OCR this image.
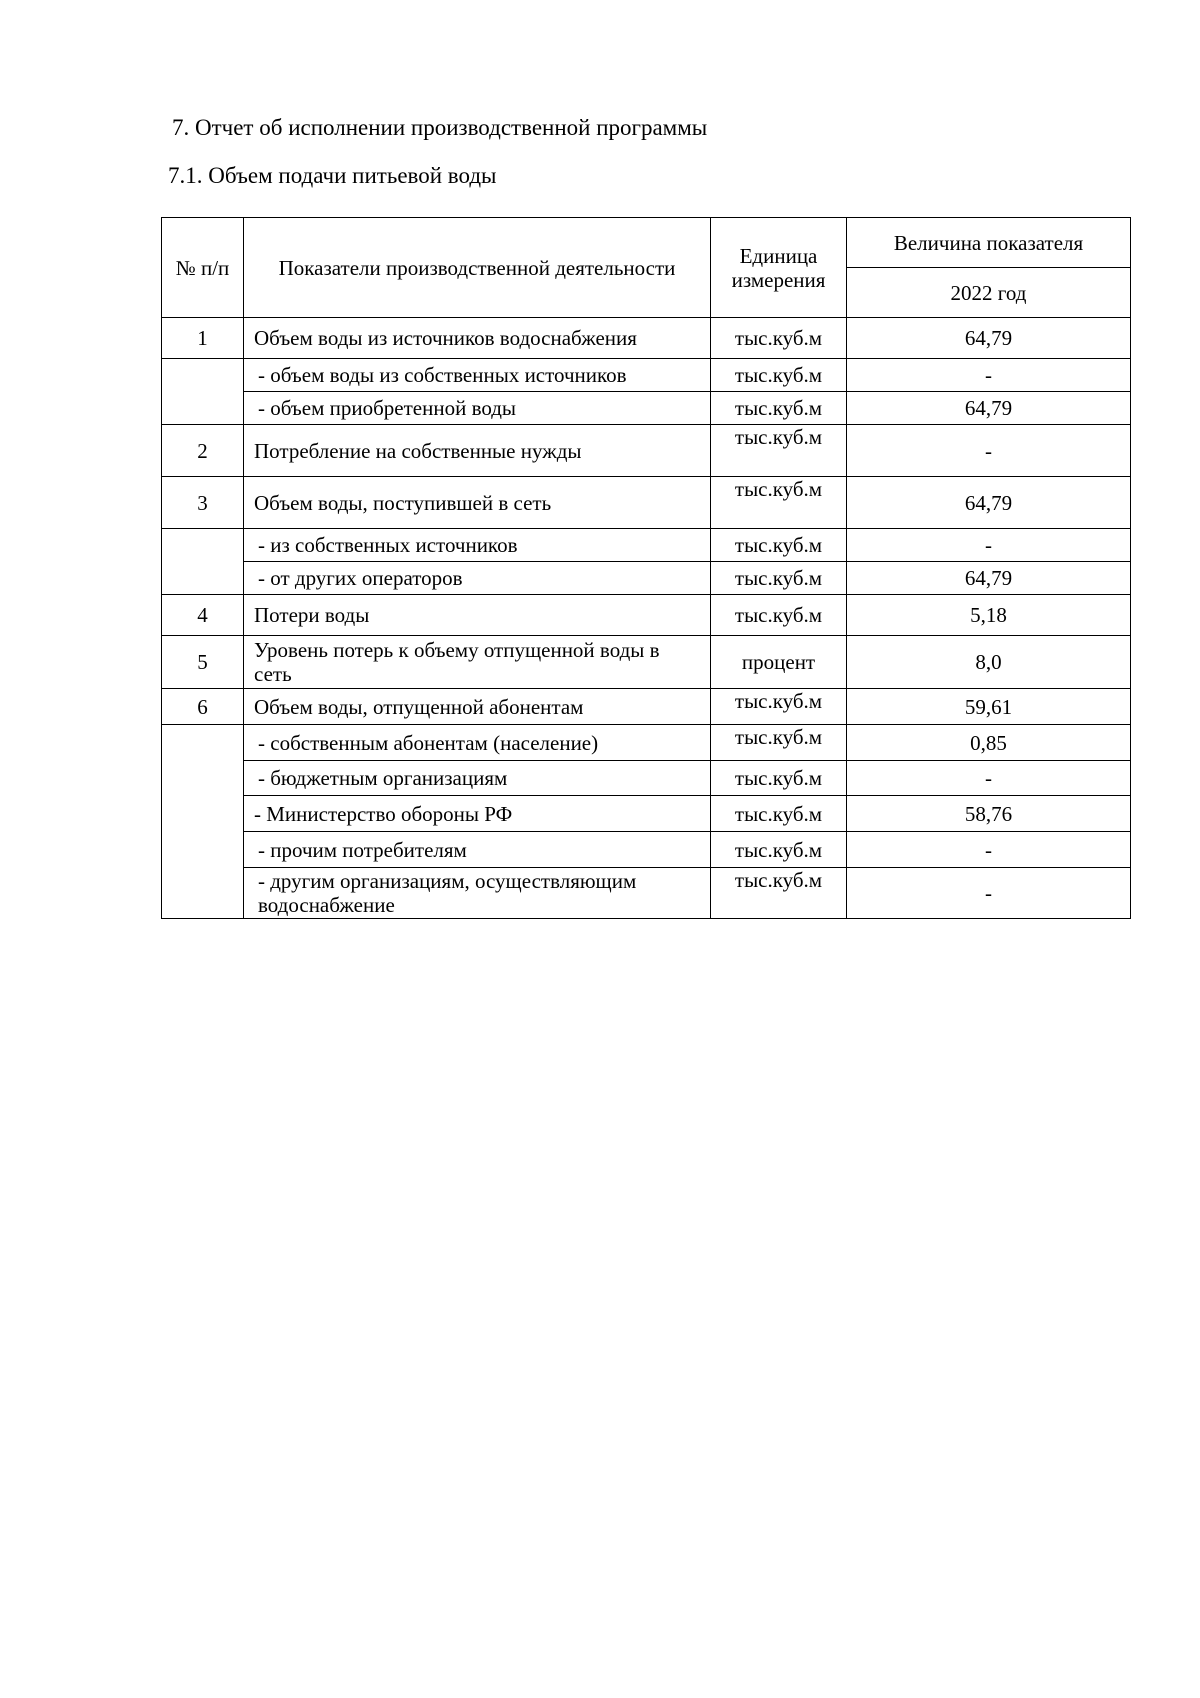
7. Отчет об исполнении производственной программы

7.1. Объем подачи питьевой воды

№ п/п	Показатели производственной деятельности	Единица измерения	Величина показателя
			2022 год
1	Объем воды из источников водоснабжения	тыс.куб.м	64,79
	- объем воды из собственных источников	тыс.куб.м	-
	- объем приобретенной воды	тыс.куб.м	64,79
2	Потребление на собственные нужды	тыс.куб.м	-
3	Объем воды, поступившей в сеть	тыс.куб.м	64,79
	- из собственных источников	тыс.куб.м	-
	- от других операторов	тыс.куб.м	64,79
4	Потери воды	тыс.куб.м	5,18
5	Уровень потерь к объему отпущенной воды в сеть	процент	8,0
6	Объем воды, отпущенной абонентам	тыс.куб.м	59,61
	- собственным абонентам (население)	тыс.куб.м	0,85
	- бюджетным организациям	тыс.куб.м	-
	- Министерство обороны РФ	тыс.куб.м	58,76
	- прочим потребителям	тыс.куб.м	-
	- другим организациям, осуществляющим водоснабжение	тыс.куб.м	-
